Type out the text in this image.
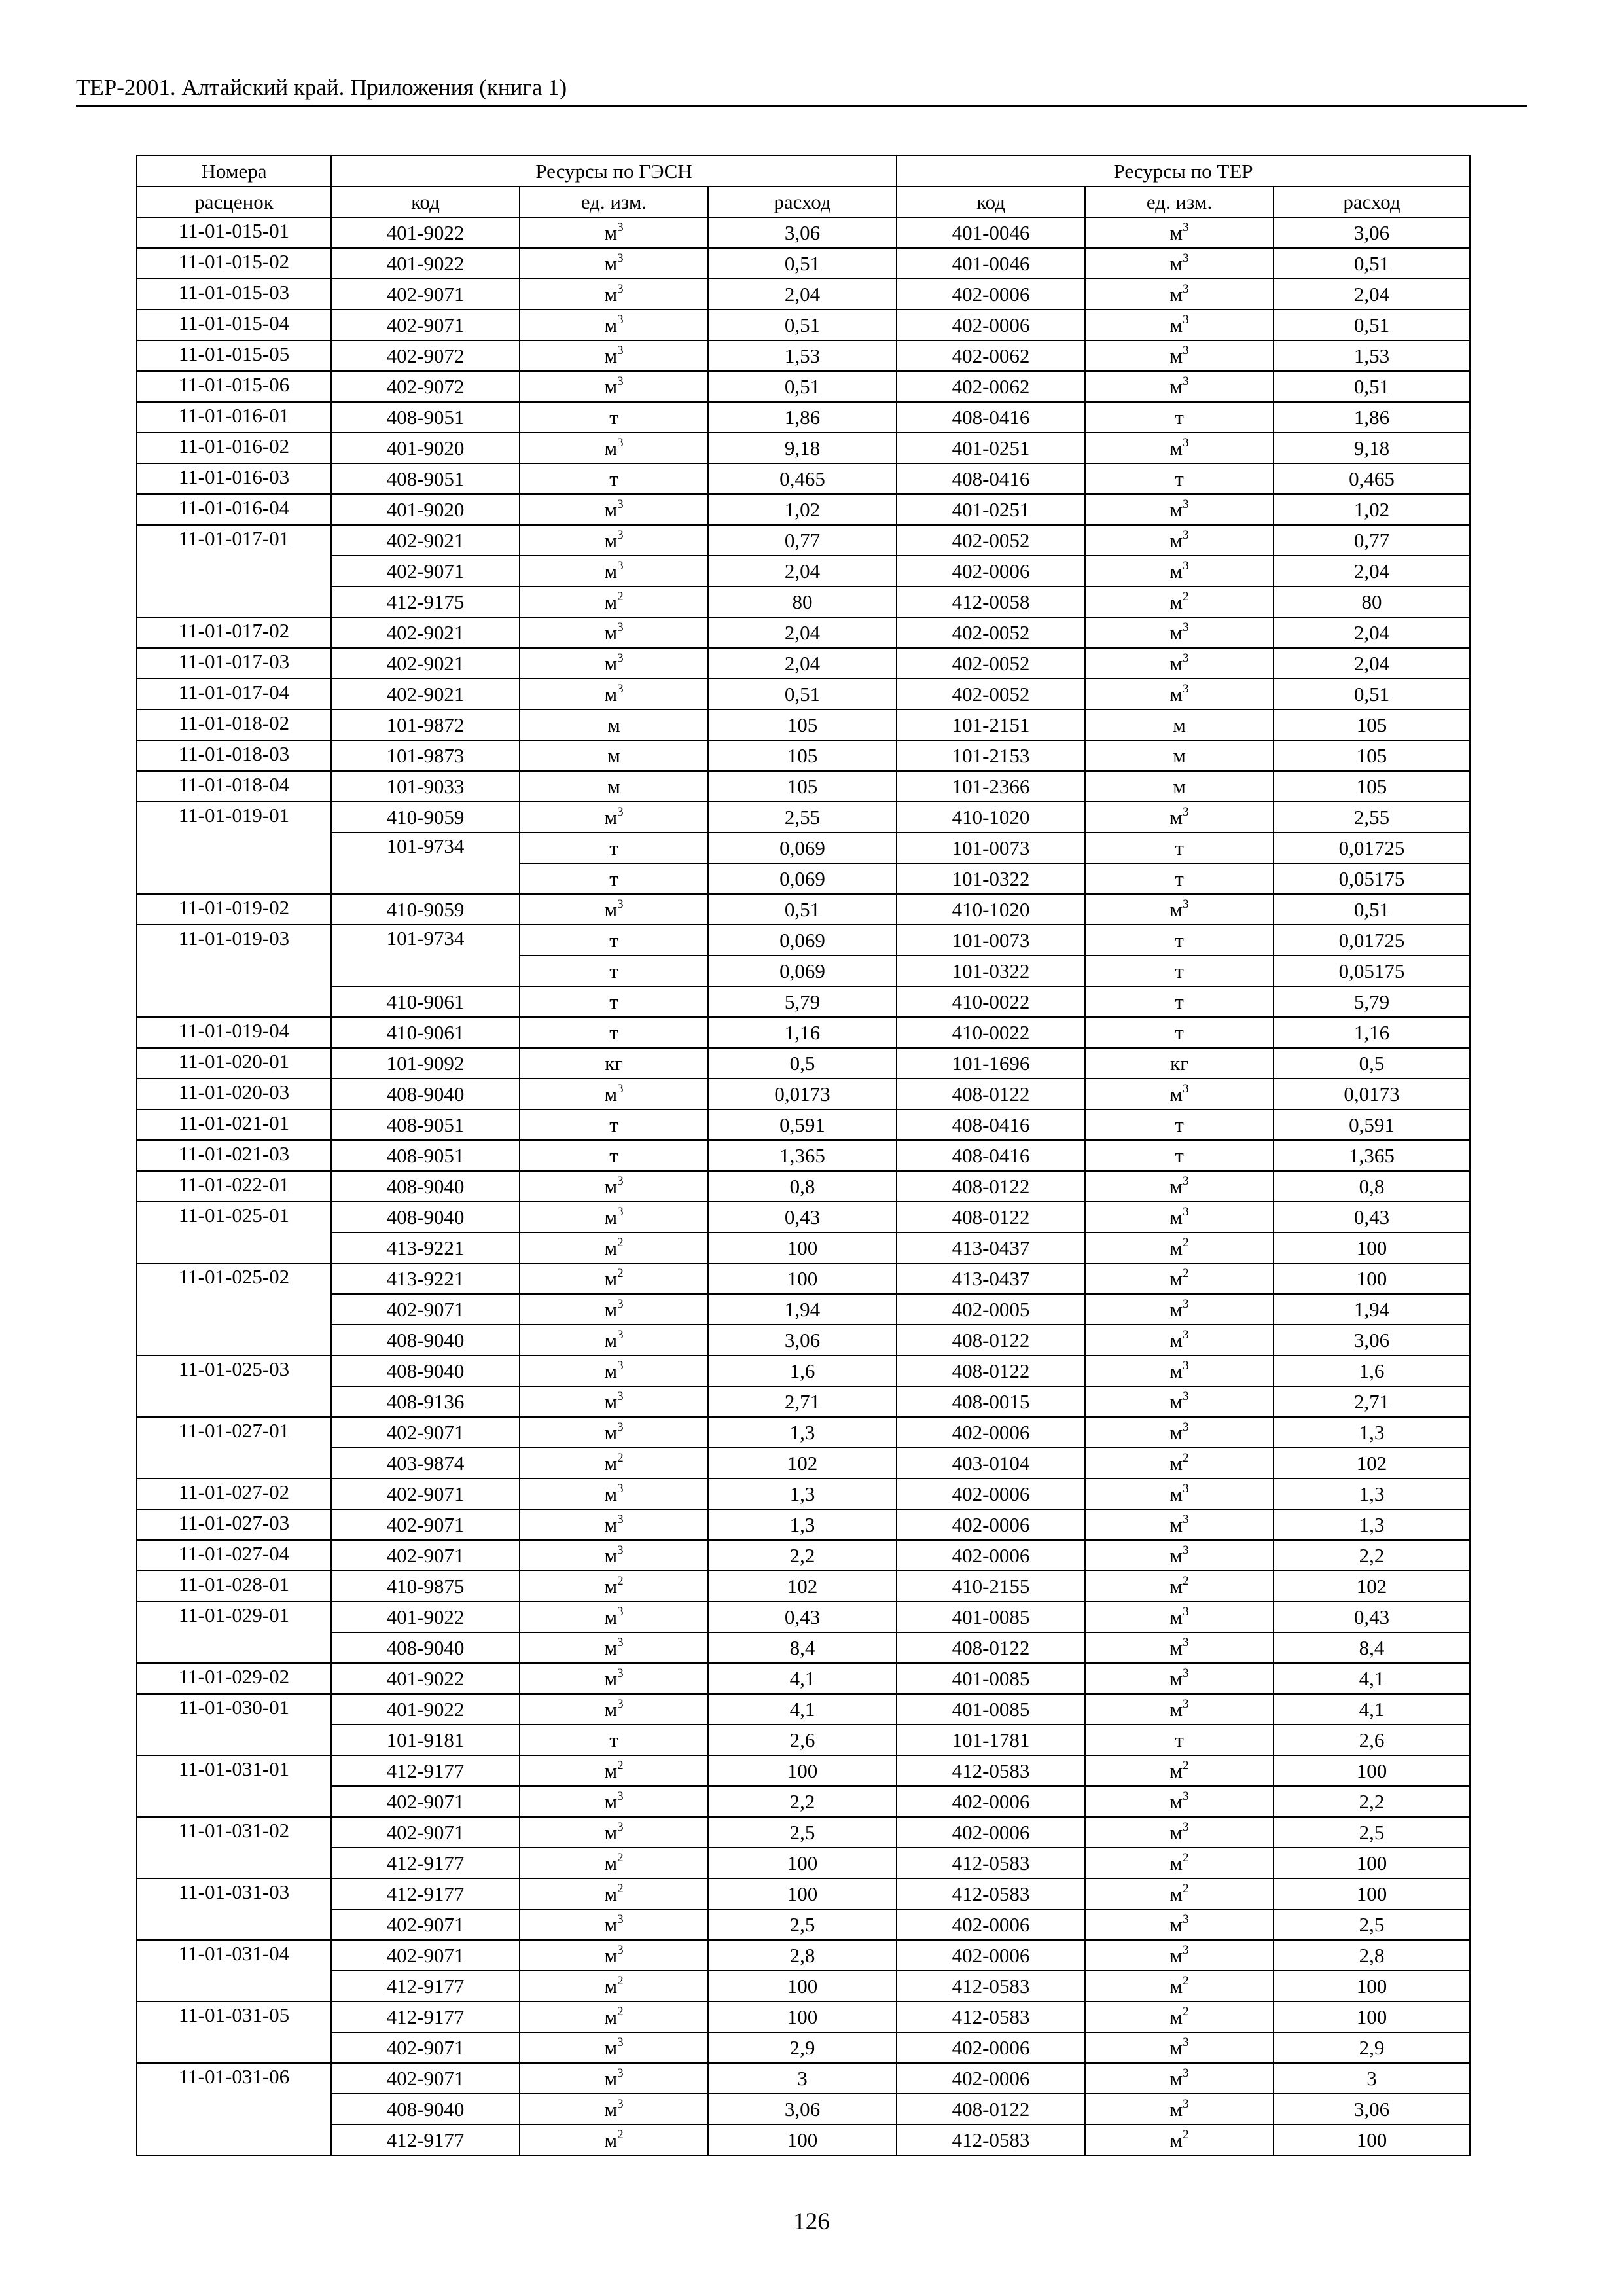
ТЕР-2001. Алтайский край. Приложения (книга 1)
Номера	Ресурсы по ГЭСН			Ресурсы по ТЕР		
расценок	код	ед. изм.	расход	код	ед. изм.	расход
11-01-015-01	401-9022	$м^3$	3,06	401-0046	$м^3$	3,06
11-01-015-02	401-9022	$м^3$	0,51	401-0046	$м^3$	0,51
11-01-015-03	402-9071	$м^3$	2,04	402-0006	$м^3$	2,04
11-01-015-04	402-9071	$м^3$	0,51	402-0006	$м^3$	0,51
11-01-015-05	402-9072	$м^3$	1,53	402-0062	$м^3$	1,53
11-01-015-06	402-9072	$м^3$	0,51	402-0062	$м^3$	0,51
11-01-016-01	408-9051	т	1,86	408-0416	т	1,86
11-01-016-02	401-9020	$м^3$	9,18	401-0251	$м^3$	9,18
11-01-016-03	408-9051	т	0,465	408-0416	т	0,465
11-01-016-04	401-9020	$м^3$	1,02	401-0251	$м^3$	1,02
11-01-017-01	402-9021	$м^3$	0,77	402-0052	$м^3$	0,77
	402-9071	$м^3$	2,04	402-0006	$м^3$	2,04
	412-9175	$м^2$	80	412-0058	$м^2$	80
11-01-017-02	402-9021	$м^3$	2,04	402-0052	$м^3$	2,04
11-01-017-03	402-9021	$м^3$	2,04	402-0052	$м^3$	2,04
11-01-017-04	402-9021	$м^3$	0,51	402-0052	$м^3$	0,51
11-01-018-02	101-9872	м	105	101-2151	м	105
11-01-018-03	101-9873	м	105	101-2153	м	105
11-01-018-04	101-9033	м	105	101-2366	м	105
11-01-019-01	410-9059	$м^3$	2,55	410-1020	$м^3$	2,55
	101-9734	т	0,069	101-0073	т	0,01725
		т	0,069	101-0322	т	0,05175
11-01-019-02	410-9059	$м^3$	0,51	410-1020	$м^3$	0,51
11-01-019-03	101-9734	т	0,069	101-0073	т	0,01725
		т	0,069	101-0322	т	0,05175
	410-9061	т	5,79	410-0022	т	5,79
11-01-019-04	410-9061	т	1,16	410-0022	т	1,16
11-01-020-01	101-9092	кг	0,5	101-1696	кг	0,5
11-01-020-03	408-9040	$м^3$	0,0173	408-0122	$м^3$	0,0173
11-01-021-01	408-9051	т	0,591	408-0416	т	0,591
11-01-021-03	408-9051	т	1,365	408-0416	т	1,365
11-01-022-01	408-9040	$м^3$	0,8	408-0122	$м^3$	0,8
11-01-025-01	408-9040	$м^3$	0,43	408-0122	$м^3$	0,43
	413-9221	$м^2$	100	413-0437	$м^2$	100
11-01-025-02	413-9221	$м^2$	100	413-0437	$м^2$	100
	402-9071	$м^3$	1,94	402-0005	$м^3$	1,94
	408-9040	$м^3$	3,06	408-0122	$м^3$	3,06
11-01-025-03	408-9040	$м^3$	1,6	408-0122	$м^3$	1,6
	408-9136	$м^3$	2,71	408-0015	$м^3$	2,71
11-01-027-01	402-9071	$м^3$	1,3	402-0006	$м^3$	1,3
	403-9874	$м^2$	102	403-0104	$м^2$	102
11-01-027-02	402-9071	$м^3$	1,3	402-0006	$м^3$	1,3
11-01-027-03	402-9071	$м^3$	1,3	402-0006	$м^3$	1,3
11-01-027-04	402-9071	$м^3$	2,2	402-0006	$м^3$	2,2
11-01-028-01	410-9875	$м^2$	102	410-2155	$м^2$	102
11-01-029-01	401-9022	$м^3$	0,43	401-0085	$м^3$	0,43
	408-9040	$м^3$	8,4	408-0122	$м^3$	8,4
11-01-029-02	401-9022	$м^3$	4,1	401-0085	$м^3$	4,1
11-01-030-01	401-9022	$м^3$	4,1	401-0085	$м^3$	4,1
	101-9181	т	2,6	101-1781	т	2,6
11-01-031-01	412-9177	$м^2$	100	412-0583	$м^2$	100
	402-9071	$м^3$	2,2	402-0006	$м^3$	2,2
11-01-031-02	402-9071	$м^3$	2,5	402-0006	$м^3$	2,5
	412-9177	$м^2$	100	412-0583	$м^2$	100
11-01-031-03	412-9177	$м^2$	100	412-0583	$м^2$	100
	402-9071	$м^3$	2,5	402-0006	$м^3$	2,5
11-01-031-04	402-9071	$м^3$	2,8	402-0006	$м^3$	2,8
	412-9177	$м^2$	100	412-0583	$м^2$	100
11-01-031-05	412-9177	$м^2$	100	412-0583	$м^2$	100
	402-9071	$м^3$	2,9	402-0006	$м^3$	2,9
11-01-031-06	402-9071	$м^3$	3	402-0006	$м^3$	3
	408-9040	$м^3$	3,06	408-0122	$м^3$	3,06
	412-9177	$м^2$	100	412-0583	$м^2$	100
126
